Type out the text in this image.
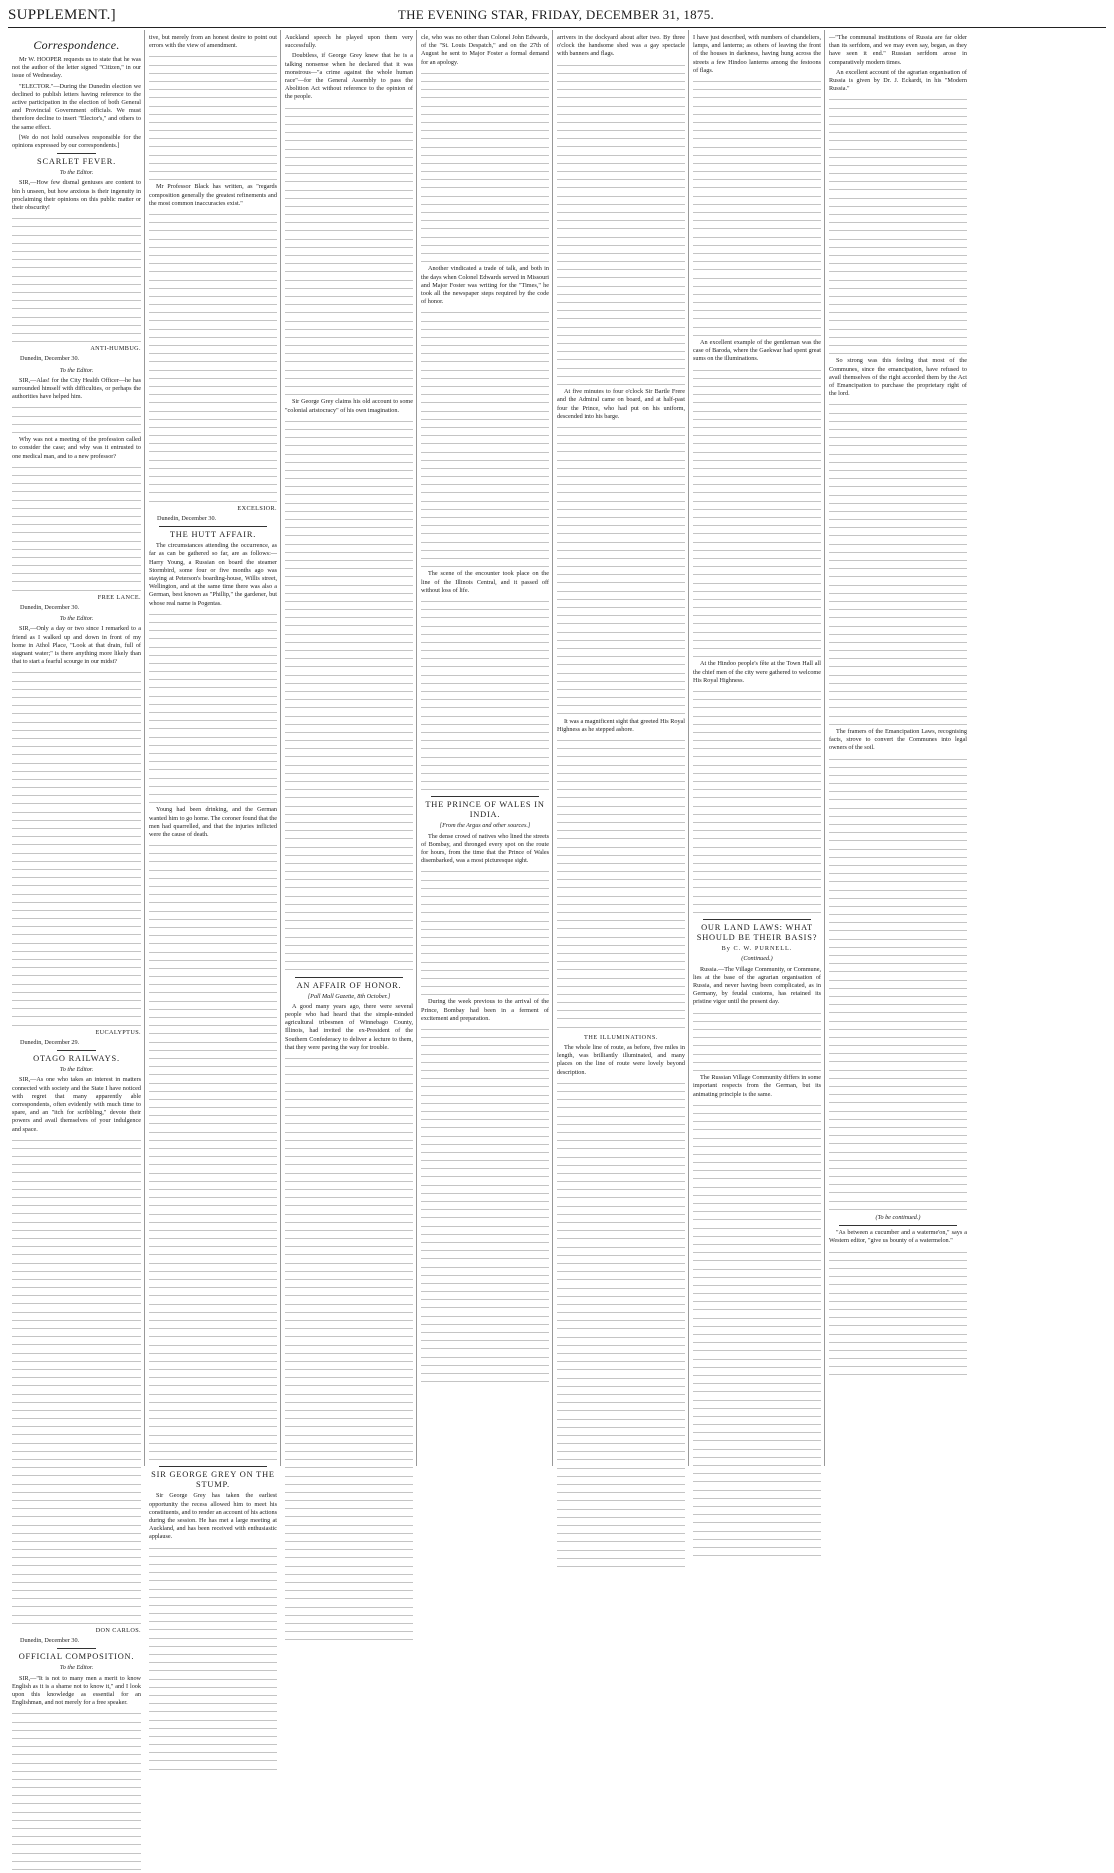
SUPPLEMENT.]	THE EVENING STAR, FRIDAY, DECEMBER 31, 1875.
Correspondence.

Mr W. HOOPER requests us to state that he was not the author of the letter signed "Citizen," in our issue of Wednesday.

"ELECTOR."—During the Dunedin election we declined to publish letters having reference to the active participation in the election of both General and Provincial Government officials. We must therefore decline to insert "Elector's," and others to the same effect.

[We do not hold ourselves responsible for the opinions expressed by our correspondents.]

SCARLET FEVER.
To the Editor.

SIR,—How few dismal geniuses are content to bin h unseen, but how anxious is their ingenuity in proclaiming their opinions on this public matter or their obscurity!

ANTI-HUMBUG.
Dunedin, December 30.
To the Editor.

SIR,—Alas! for the City Health Officer—he has surrounded himself with difficulties, or perhaps the authorities have helped him.

Why was not a meeting of the profession called to consider the case; and why was it entrusted to one medical man, and to a new professor?

FREE LANCE.
Dunedin, December 30.
To the Editor.

SIR,—Only a day or two since I remarked to a friend as I walked up and down in front of my home in Athol Place, "Look at that drain, full of stagnant water;" is there anything more likely than that to start a fearful scourge in our midst?

EUCALYPTUS.
Dunedin, December 29.
OTAGO RAILWAYS.
To the Editor.

SIR,—As one who takes an interest in matters connected with society and the State I have noticed with regret that many apparently able correspondents, often evidently with much time to spare, and an "itch for scribbling," devote their powers and avail themselves of your indulgence and space.

DON CARLOS.
Dunedin, December 30.
OFFICIAL COMPOSITION.
To the Editor.

SIR,—"It is not to many men a merit to know English as it is a shame not to know it," and I look upon this knowledge as essential for an Englishman, and not merely for a free speaker.

tive, but merely from an honest desire to point out errors with the view of amendment.

Mr Professor Black has written, as "regards composition generally the greatest refinements and the most common inaccuracies exist."

EXCELSIOR.
Dunedin, December 30.
THE HUTT AFFAIR.

The circumstances attending the occurrence, as far as can be gathered so far, are as follows:—Harry Young, a Russian on board the steamer Stormbird, some four or five months ago was staying at Peterson's boarding-house, Willis street, Wellington, and at the same time there was also a German, best known as "Phillip," the gardener, but whose real name is Pogentas.

Young had been drinking, and the German wanted him to go home. The coroner found that the men had quarrelled, and that the injuries inflicted were the cause of death.

SIR GEORGE GREY ON THE STUMP.

Sir George Grey has taken the earliest opportunity the recess allowed him to meet his constituents, and to render an account of his actions during the session. He has met a large meeting at Auckland, and has been received with enthusiastic applause.

Auckland speech he played upon them very successfully.

Doubtless, if George Grey knew that he is a talking nonsense when he declared that it was monstrous—"a crime against the whole human race"—for the General Assembly to pass the Abolition Act without reference to the opinion of the people.

Sir George Grey claims his old account to some "colonial aristocracy" of his own imagination.

AN AFFAIR OF HONOR.
[Pall Mall Gazette, 8th October.]

A good many years ago, there were several people who had heard that the simple-minded agricultural tribesmen of Winnebago County, Illinois, had invited the ex-President of the Southern Confederacy to deliver a lecture to them, that they were paving the way for trouble.

cle, who was no other than Colonel John Edwards, of the "St. Louis Despatch," and on the 27th of August he sent to Major Foster a formal demand for an apology.

Another vindicated a trade of talk, and both in the days when Colonel Edwards served in Missouri and Major Foster was writing for the "Times," he took all the newspaper steps required by the code of honor.

The scene of the encounter took place on the line of the Illinois Central, and it passed off without loss of life.

THE PRINCE OF WALES IN INDIA.
[From the Argus and other sources.]

The dense crowd of natives who lined the streets of Bombay, and thronged every spot on the route for hours, from the time that the Prince of Wales disembarked, was a most picturesque sight.

During the week previous to the arrival of the Prince, Bombay had been in a ferment of excitement and preparation.

arrivers in the dockyard about after two. By three o'clock the handsome shed was a gay spectacle with banners and flags.

At five minutes to four o'clock Sir Bartle Frere and the Admiral came on board, and at half-past four the Prince, who had put on his uniform, descended into his barge.

It was a magnificent sight that greeted His Royal Highness as he stepped ashore.

THE ILLUMINATIONS.

The whole line of route, as before, five miles in length, was brilliantly illuminated, and many places on the line of route were lovely beyond description.

I have just described, with numbers of chandeliers, lamps, and lanterns; as others of leaving the front of the houses in darkness, having hung across the streets a few Hindoo lanterns among the festoons of flags.

An excellent example of the gentleman was the case of Baroda, where the Gaekwar had spent great sums on the illuminations.

At the Hindoo people's fête at the Town Hall all the chief men of the city were gathered to welcome His Royal Highness.

OUR LAND LAWS: WHAT SHOULD BE THEIR BASIS?
By C. W. PURNELL.
(Continued.)

Russia.—The Village Community, or Commune, lies at the base of the agrarian organisation of Russia, and never having been complicated, as in Germany, by feudal customs, has retained its pristine vigor until the present day.

The Russian Village Community differs in some important respects from the German, but its animating principle is the same.

—"The communal institutions of Russia are far older than its serfdom, and we may even say, began, as they have seen it end." Russian serfdom arose in comparatively modern times.

An excellent account of the agrarian organisation of Russia is given by Dr. J. Eckardt, in his "Modern Russia."

So strong was this feeling that most of the Communes, since the emancipation, have refused to avail themselves of the right accorded them by the Act of Emancipation to purchase the proprietary right of the lord.

The framers of the Emancipation Laws, recognising facts, strove to convert the Communes into legal owners of the soil.

(To be continued.)

"As between a cucumber and a waterme'on," says a Western editor, "give us bounty of a watermelon."
